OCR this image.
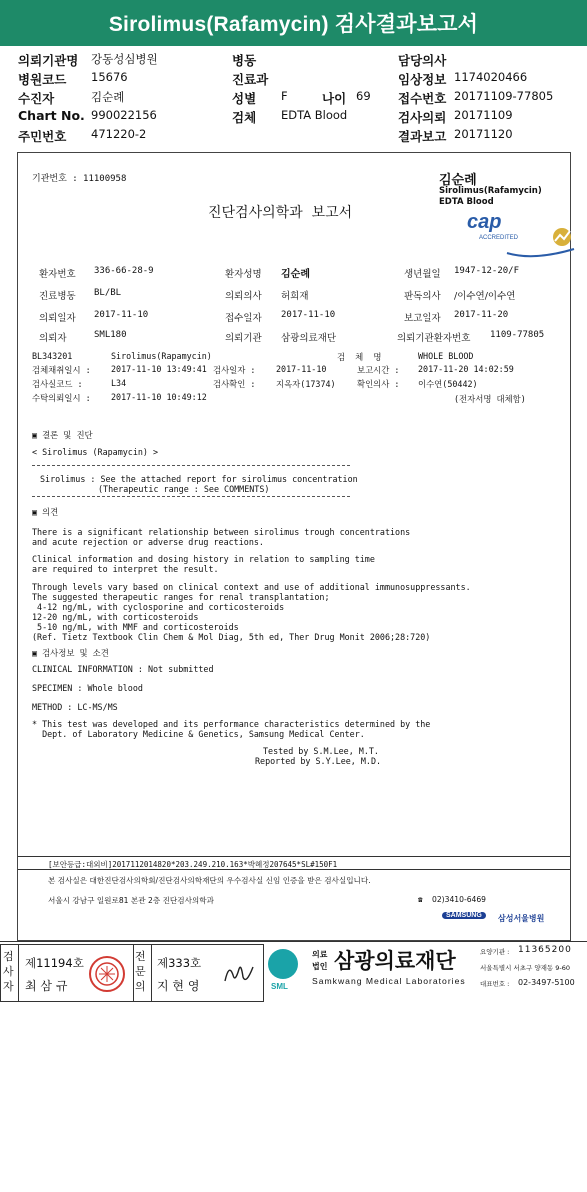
Sirolimus(Rafamycin) 검사결과보고서
의뢰기관명 강동성심병원	병동	담당의사
병원코드 15676	진료과	임상정보 1174020466
수진자	김순례	성별 F	나이 69 접수번호 20171109-77805
Chart No. 990022156	검체 EDTA Blood	검사의뢰 20171109
주민번호 471220-2	결과보고 20171120
기관번호 : 11100958	김순례
Sirolimus(Rafamycin)
EDTA Blood
진단검사의학과  보고서

	cap

ACCREDITED

환자번호 336-66-28-9	환자성명 김순례	생년월일 1947-12-20/F
진료병동 BL/BL	의뢰의사 허희재	판독의사 /이수연/이수연
의뢰일자 2017-11-10	접수일자 2017-11-10	보고일자 2017-11-20
의뢰자	SML180	의뢰기관 삼광의료재단	의뢰기관환자번호 1109-77805
BL343201	Sirolimus(Rapamycin)	검  체  명	WHOLE BLOOD
검체채취일시 : 2017-11-10 13:49:41 검사일자 : 2017-11-10	보고시간 : 2017-11-20 14:02:59
검사실코드 :	L34	검사확인 : 지옥자(17374)	확인의사 : 이수연(50442)
수탁의뢰일시 : 2017-11-10 10:49:12	(전자서명 대체함)
▣ 결론 및 진단
< Sirolimus (Rapamycin) >
Sirolimus : See the attached report for sirolimus concentration
(Therapeutic range : See COMMENTS)
▣ 의견
There is a significant relationship between sirolimus trough concentrations
and acute rejection or adverse drug reactions.
Clinical information and dosing history in relation to sampling time
are required to interpret the result.
Through levels vary based on clinical context and use of additional immunosuppressants.
The suggested therapeutic ranges for renal transplantation;
4-12 ng/mL, with cyclosporine and corticosteroids
12-20 ng/mL, with corticosteroids
5-10 ng/mL, with MMF and corticosteroids
(Ref. Tietz Textbook Clin Chem & Mol Diag, 5th ed, Ther Drug Monit 2006;28:720)
▣ 검사정보 및 소견
CLINICAL INFORMATION : Not submitted
SPECIMEN : Whole blood
METHOD : LC-MS/MS
* This test was developed and its performance characteristics determined by the
Dept. of Laboratory Medicine & Genetics, Samsung Medical Center.
Tested by S.M.Lee, M.T.
Reported by S.Y.Lee, M.D.
[보안등급:대외비]2017112014820*203.249.210.163*박혜정207645*SL#150F1
본 검사실은 대한진단검사의학회/진단검사의학재단의 우수검사실 신임 인증을 받은 검사실입니다.
서울시 강남구 일원로81 본관 2층 진단검사의학과	☎ 02)3410-6469

SAMSUNG

	삼성서울병원

검사자
제11194호
최 삼 규
전문의
제333호
지 현 영

	SML

의료

법인

삼광의료재단

Samkwang Medical Laboratories

요양기관 :

11365200

서울특별시 서초구 양재동 9-60

대표번호 :

02-3497-5100
